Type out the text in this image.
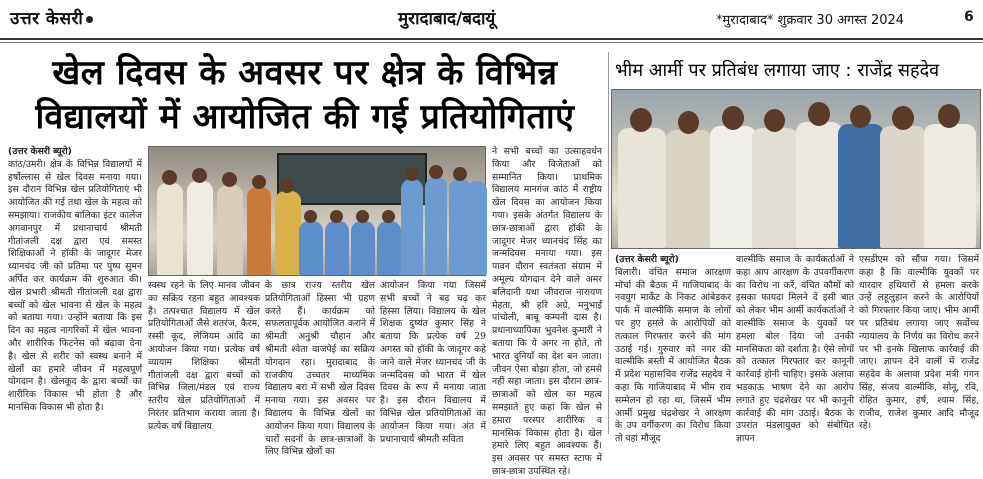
उत्तर केसरी	मुरादाबाद/बदायूं	*मुरादाबाद* शुक्रवार 30 अगस्त 2024	6
खेल दिवस के अवसर पर क्षेत्र के विभिन्न
विद्यालयों में आयोजित की गई प्रतियोगिताएं
(उत्तर केसरी ब्यूरो)
कांठ/उमरी। क्षेत्र के विभिन्न विद्यालयों में हर्षोल्लास से खेल दिवस मनाया गया। इस दौरान विभिन्न खेल प्रतियोगिताएं भी आयोजित की गई तथा खेल के महत्व को समझाया। राजकीय बालिका इंटर कालेज अगवानपुर में प्रधानाचार्य श्रीमती गीतांजली दक्ष द्वारा एवं समस्त शिक्षिकाओं ने हॉकी के जादूगर मेजर ध्यानचंद जी को प्रतिमा पर पुष्प सुमन अर्पित कर कार्यक्रम की शुरुआत की। खेल प्रभारी श्रीमती गीतांजली दक्ष द्वारा बच्चों को खेल भावना से खेल के महत्व को बताया गया। उन्होंने बताया कि इस दिन का महत्व नागरिकों में खेल भावना और शारीरिक फिटनेस को बढ़ावा देना है। खेल से शरीर को स्वस्थ बनाने में खेलों का हमारे जीवन में महत्वपूर्ण योगदान है। खेलकूद के द्वारा बच्चों का शारीरिक विकास भी होता है और मानसिक विकास भी होता है।
स्वस्थ रहने के लिए मानव जीवन का सक्रिय रहना बहुत आवश्यक है। तत्पश्चात विद्यालय में खेल प्रतियोगिताओं जैसे शतरंज, कैरम, रस्सी कूद, लेजियम आदि का आयोजन किया गया। प्रत्येक वर्ष व्यायाम शिक्षिका श्रीमती गीतांजली दक्ष द्वारा बच्चों को विभिन्न जिला/मंडल एवं राज्य स्तरीय खेल प्रतियोगिताओं में निरंतर प्रतिभाग कराया जाता है। प्रत्येक वर्ष विद्यालय
के छात्र राज्य स्तरीय खेल प्रतियोगिताओं हिस्सा भी ग्रहण करते हैं। कार्यक्रम को सफलतापूर्वक आयोजित कराने में श्रीमती अनुश्री चौहान और श्रीमती श्वेता वाजपेई का सक्रिय योगदान रहा। मुरादाबाद के राजकीय उच्चतर माध्यमिक विद्यालय बरा में सभी खेल दिवस मनाया गया। इस अवसर पर विद्यालय के विभिन्न खेलों का आयोजन किया गया। विद्यालय के चारों सदनों के छात्र-छात्राओं के लिए विभिन्न खेलों का
आयोजन किया गया जिसमें सभी बच्चों ने बढ़ चढ़ कर हिस्सा लिया। विद्यालय के खेल शिक्षक दुष्यंत कुमार सिंह ने बताया कि प्रत्येक वर्ष 29 अगस्त को हॉकी के जादूगर कहे जाने वाले मेजर ध्यानचंद जी के जन्मदिवस को भारत में खेल दिवस के रूप में मनाया जाता है। इस दौरान विद्यालय में विभिन्न खेल प्रतियोगिताओं का आयोजन किया गया। अंत में प्रधानाचार्य श्रीमती सविता
ने सभी बच्चों का उत्साहवर्धन किया और विजेताओं को सम्मानित किया। प्राथमिक विद्यालय मानगंज कांठ में राष्ट्रीय खेल दिवस का आयोजन किया गया। इसके अंतर्गत विद्यालय के छात्र-छात्राओं द्वारा हॉकी के जादूगर मेजर ध्यानचंद सिंह का जन्मदिवस मनाया गया। इस पावन दौरान स्वतंत्रता संग्राम में अमूल्य योगदान देने वाले अमर बलिदानी यथा जीवराज नारायण मेहता, श्री हरि अग्रे, मनुभाई पांचोली, बाबू कम्पनी दास है। प्रधानाध्यापिका भुवनेश कुमारी ने बताया कि ये अगर ना होते, तो भारत दुनियाँ का देश बन जाता। जीवन ऐसा बोझा होता, जो हमसे नहीं सहा जाता। इस दौरान छात्र-छात्राओं को खेल का महत्व समझाते हुए कहा कि खेल से हमारा परस्पर शारीरिक व मानसिक विकास होता है। खेल हमारे लिए बहुत आवश्यक हैं। इस अवसर पर समस्त स्टाफ में छात्र-छात्रा उपस्थित रहे।
भीम आर्मी पर प्रतिबंध लगाया जाए : राजेंद्र सहदेव
(उत्तर केसरी ब्यूरो)
बिलारी। वंचित समाज आरक्षण मोर्चा की बैठक में गाजियाबाद के नवयुग मार्केट के निकट आंबेडकर पार्क में वाल्मीकि समाज के लोगों पर हुए हमले के आरोपियों को तत्काल गिरफ्तार करने की मांग उठाई गई। गुरुवार को नगर की वाल्मीकि बस्ती में आयोजित बैठक में प्रदेश महासचिव राजेंद्र सहदेव ने कहा कि गाजियाबाद में भीम राव सम्मेलन हो रहा था, जिसमें भीम आर्मी प्रमुख चंद्रशेखर ने आरक्षण के उप वर्गीकरण का विरोध किया तो वहां मौजूद
वाल्मीकि समाज के कार्यकर्ताओं ने कहा आप आरक्षण के उपवर्गीकरण का विरोध ना करें, वंचित कौमों को इसका फायदा मिलने दें इसी बात को लेकर भीम आर्मी कार्यकर्ताओं ने वाल्मीकि समाज के युवकों पर हमला बोल दिया जो उनकी मानसिकता को दर्शाता है। ऐसे लोगों को तत्काल गिरफ्तार कर कानूनी कार्रवाई होनी चाहिए। इसके अलावा भड़काऊ भाषण देने का आरोप लगाते हुए चंद्रशेखर पर भी कानूनी कार्रवाई की मांग उठाई। बैठक के उपरांत मंडलायुक्त को संबोधित ज्ञापन
एसडीएम को सौंपा गया। जिसमें कहा है कि वाल्मीकि युवकों पर धारदार हथियारों से हमला करके उन्हें लहूलुहान करने के आरोपियों को गिरफ्तार किया जाए। भीम आर्मी पर प्रतिबंध लगाया जाए सर्वोच्च न्यायालय के निर्णय का विरोध करने पर भी इनके खिलाफ कार्रवाई की जाए। ज्ञापन देने वालों में राजेंद्र सहदेव के अलावा प्रदेश मंत्री गगन सिंह, संजय वाल्मीकि, सोनू, रवि, रोहित कुमार, हर्ष, श्याम सिंह, राजीव, राजेश कुमार आदि मौजूद रहे।
